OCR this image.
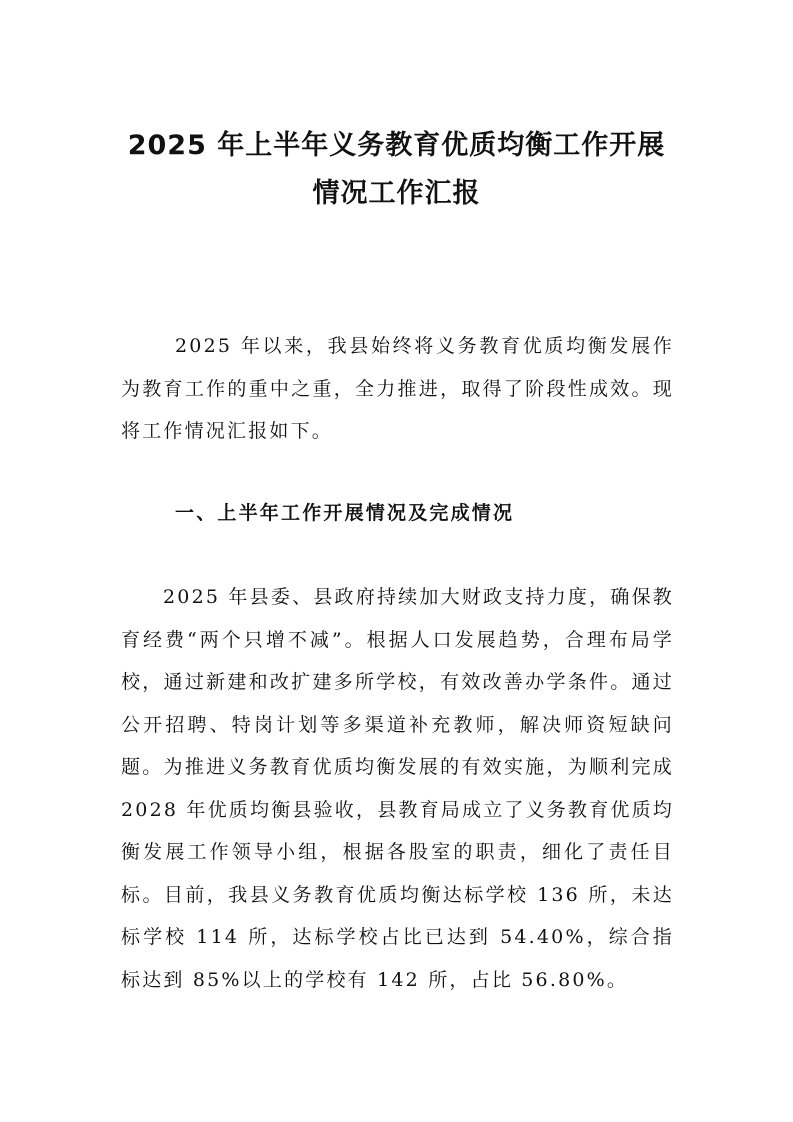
2025 年上半年义务教育优质均衡工作开展
情况工作汇报

2025 年以来，我县始终将义务教育优质均衡发展作为教育工作的重中之重，全力推进，取得了阶段性成效。现将工作情况汇报如下。

一、上半年工作开展情况及完成情况

2025 年县委、县政府持续加大财政支持力度，确保教育经费“两个只增不减”。根据人口发展趋势，合理布局学校，通过新建和改扩建多所学校，有效改善办学条件。通过公开招聘、特岗计划等多渠道补充教师，解决师资短缺问题。为推进义务教育优质均衡发展的有效实施，为顺利完成 2028 年优质均衡县验收，县教育局成立了义务教育优质均衡发展工作领导小组，根据各股室的职责，细化了责任目标。目前，我县义务教育优质均衡达标学校 136 所，未达标学校 114 所，达标学校占比已达到 54.40%，综合指标达到 85%以上的学校有 142 所，占比 56.80%。
